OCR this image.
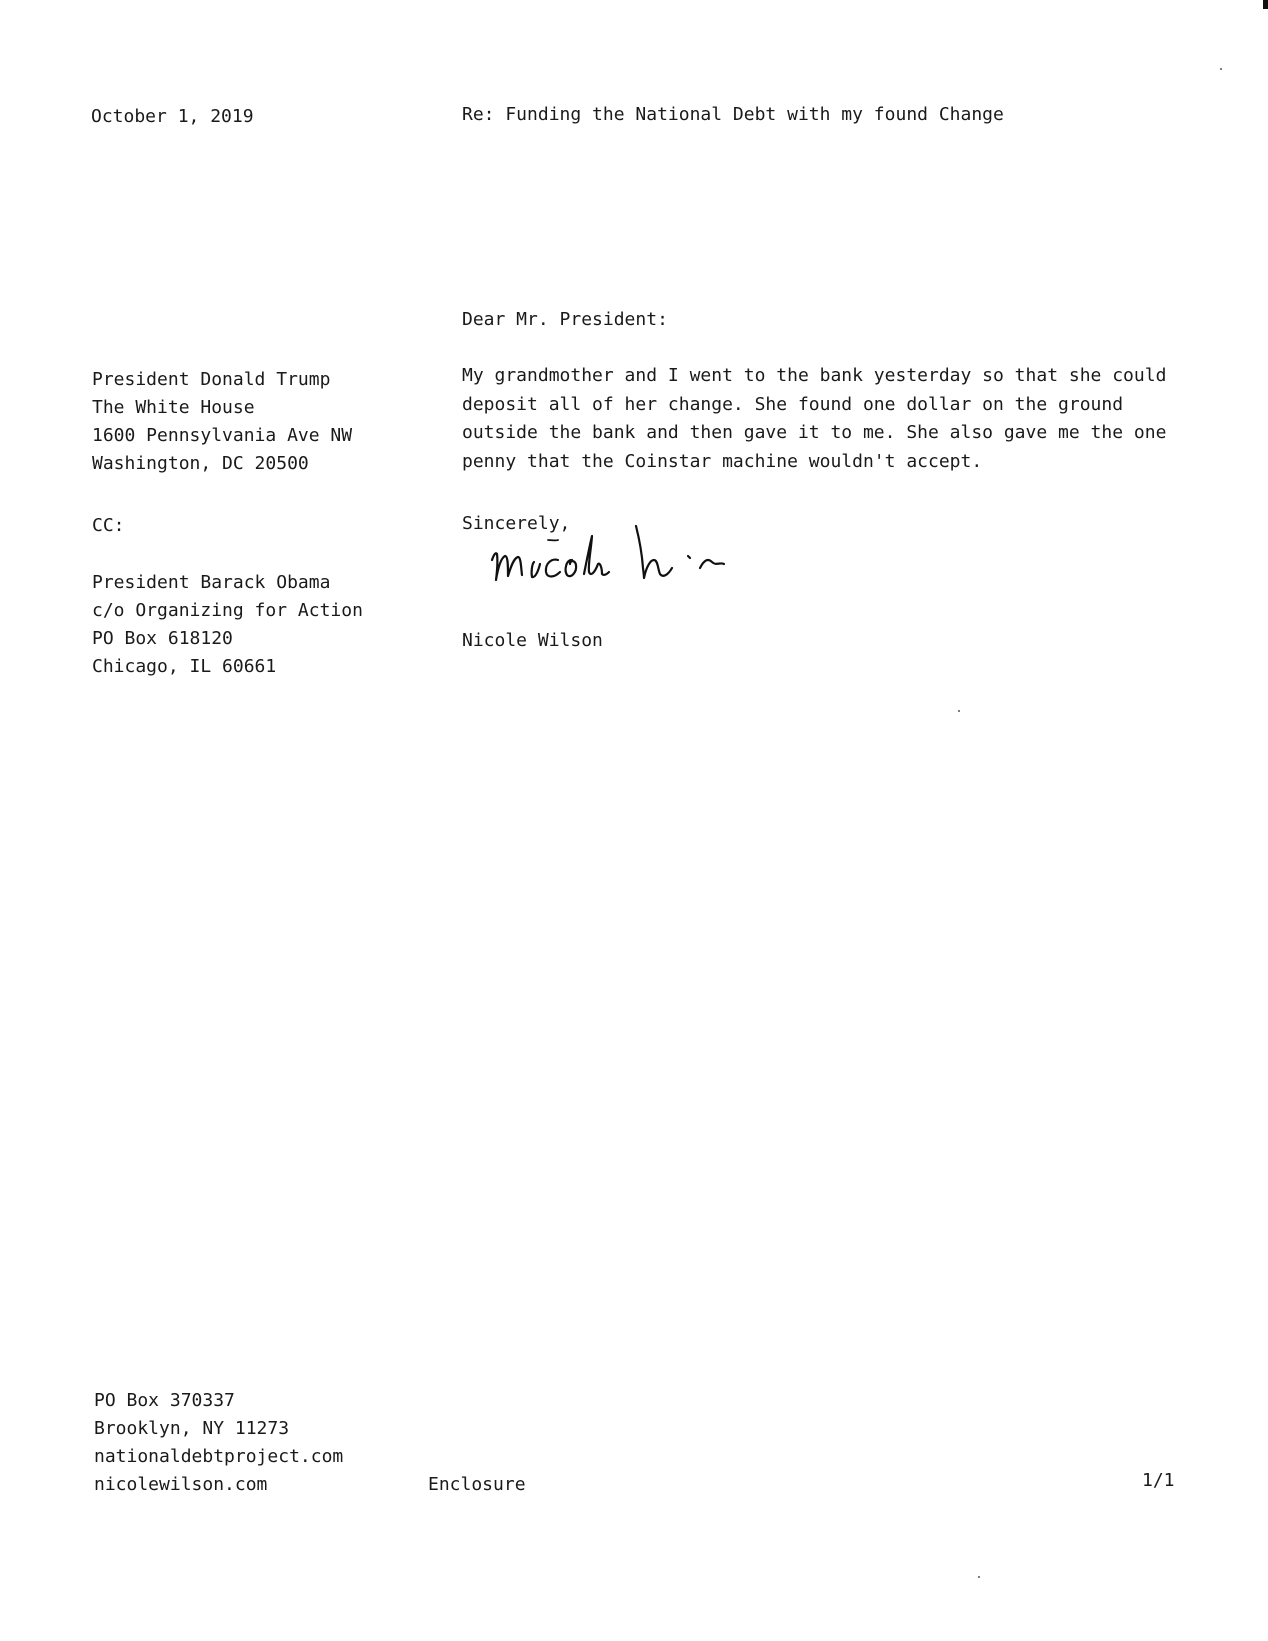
October 1, 2019	Re: Funding the National Debt with my found Change
Dear Mr. President:
President Donald Trump
The White House
1600 Pennsylvania Ave NW
Washington, DC 20500
CC:
President Barack Obama
c/o Organizing for Action
PO Box 618120
Chicago, IL 60661
My grandmother and I went to the bank yesterday so that she could
deposit all of her change. She found one dollar on the ground
outside the bank and then gave it to me. She also gave me the one
penny that the Coinstar machine wouldn't accept.
Sincerely,
Nicole Wilson
PO Box 370337
Brooklyn, NY 11273
nationaldebtproject.com
nicolewilson.com	Enclosure	1/1
